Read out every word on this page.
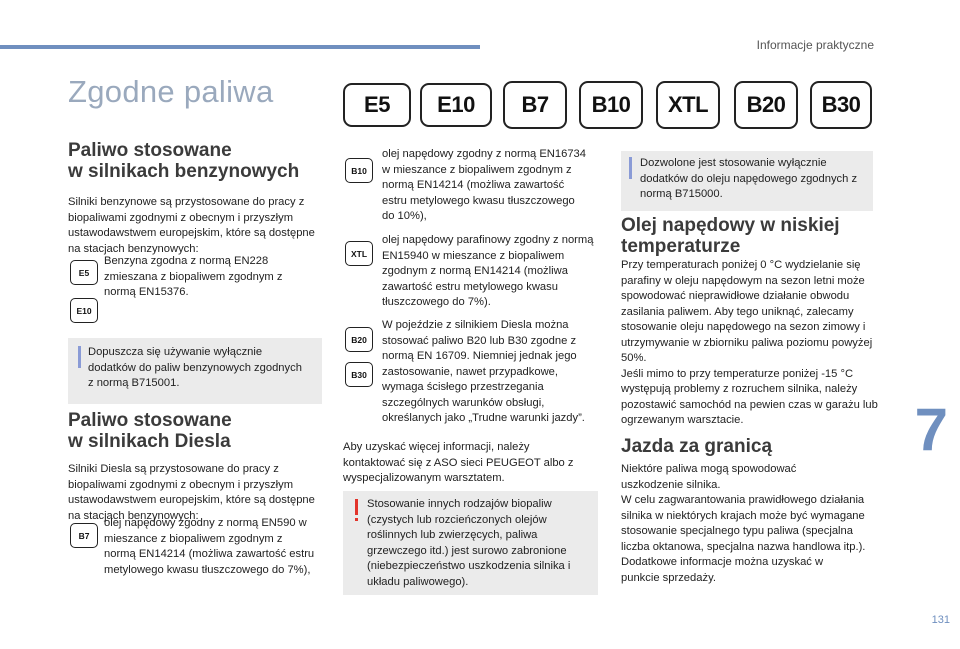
Informacje praktyczne
Zgodne paliwa	E5	E10	B7	B10	XTL	B20	B30
Paliwo stosowane
w silnikach benzynowych

Silniki benzynowe są przystosowane do pracy z biopaliwami zgodnymi z obecnym i przyszłym ustawodawstwem europejskim, które są dostępne na stacjach benzynowych:

E5
E10

Benzyna zgodna z normą EN228 zmieszana z biopaliwem zgodnym z normą EN15376.

Dopuszcza się używanie wyłącznie dodatków do paliw benzynowych zgodnych z normą B715001.
Paliwo stosowane
w silnikach Diesla

Silniki Diesla są przystosowane do pracy z biopaliwami zgodnymi z obecnym i przyszłym ustawodawstwem europejskim, które są dostępne na stacjach benzynowych:

B7

olej napędowy zgodny z normą EN590 w mieszance z biopaliwem zgodnym z normą EN14214 (możliwa zawartość estru metylowego kwasu tłuszczowego do 7%),

B10

olej napędowy zgodny z normą EN16734 w mieszance z biopaliwem zgodnym z normą EN14214 (możliwa zawartość estru metylowego kwasu tłuszczowego do 10%),

XTL

olej napędowy parafinowy zgodny z normą EN15940 w mieszance z biopaliwem zgodnym z normą EN14214 (możliwa zawartość estru metylowego kwasu tłuszczowego do 7%).

B20
B30

W pojeździe z silnikiem Diesla można stosować paliwo B20 lub B30 zgodne z normą EN 16709. Niemniej jednak jego zastosowanie, nawet przypadkowe, wymaga ścisłego przestrzegania szczególnych warunków obsługi, określanych jako „Trudne warunki jazdy”.

Aby uzyskać więcej informacji, należy kontaktować się z ASO sieci PEUGEOT albo z wyspecjalizowanym warsztatem.

Stosowanie innych rodzajów biopaliw (czystych lub rozcieńczonych olejów roślinnych lub zwierzęcych, paliwa grzewczego itd.) jest surowo zabronione (niebezpieczeństwo uszkodzenia silnika i układu paliwowego).
Dozwolone jest stosowanie wyłącznie dodatków do oleju napędowego zgodnych z normą B715000.
Olej napędowy w niskiej
temperaturze

Przy temperaturach poniżej 0 °C wydzielanie się parafiny w oleju napędowym na sezon letni może spowodować nieprawidłowe działanie obwodu zasilania paliwem. Aby tego uniknąć, zalecamy stosowanie oleju napędowego na sezon zimowy i utrzymywanie w zbiorniku paliwa poziomu powyżej 50%.

Jeśli mimo to przy temperaturze poniżej -15 °C występują problemy z rozruchem silnika, należy pozostawić samochód na pewien czas w garażu lub ogrzewanym warsztacie.

Jazda za granicą

Niektóre paliwa mogą spowodować uszkodzenie silnika.

W celu zagwarantowania prawidłowego działania silnika w niektórych krajach może być wymagane stosowanie specjalnego typu paliwa (specjalna liczba oktanowa, specjalna nazwa handlowa itp.).

Dodatkowe informacje można uzyskać w punkcie sprzedaży.

7
131
